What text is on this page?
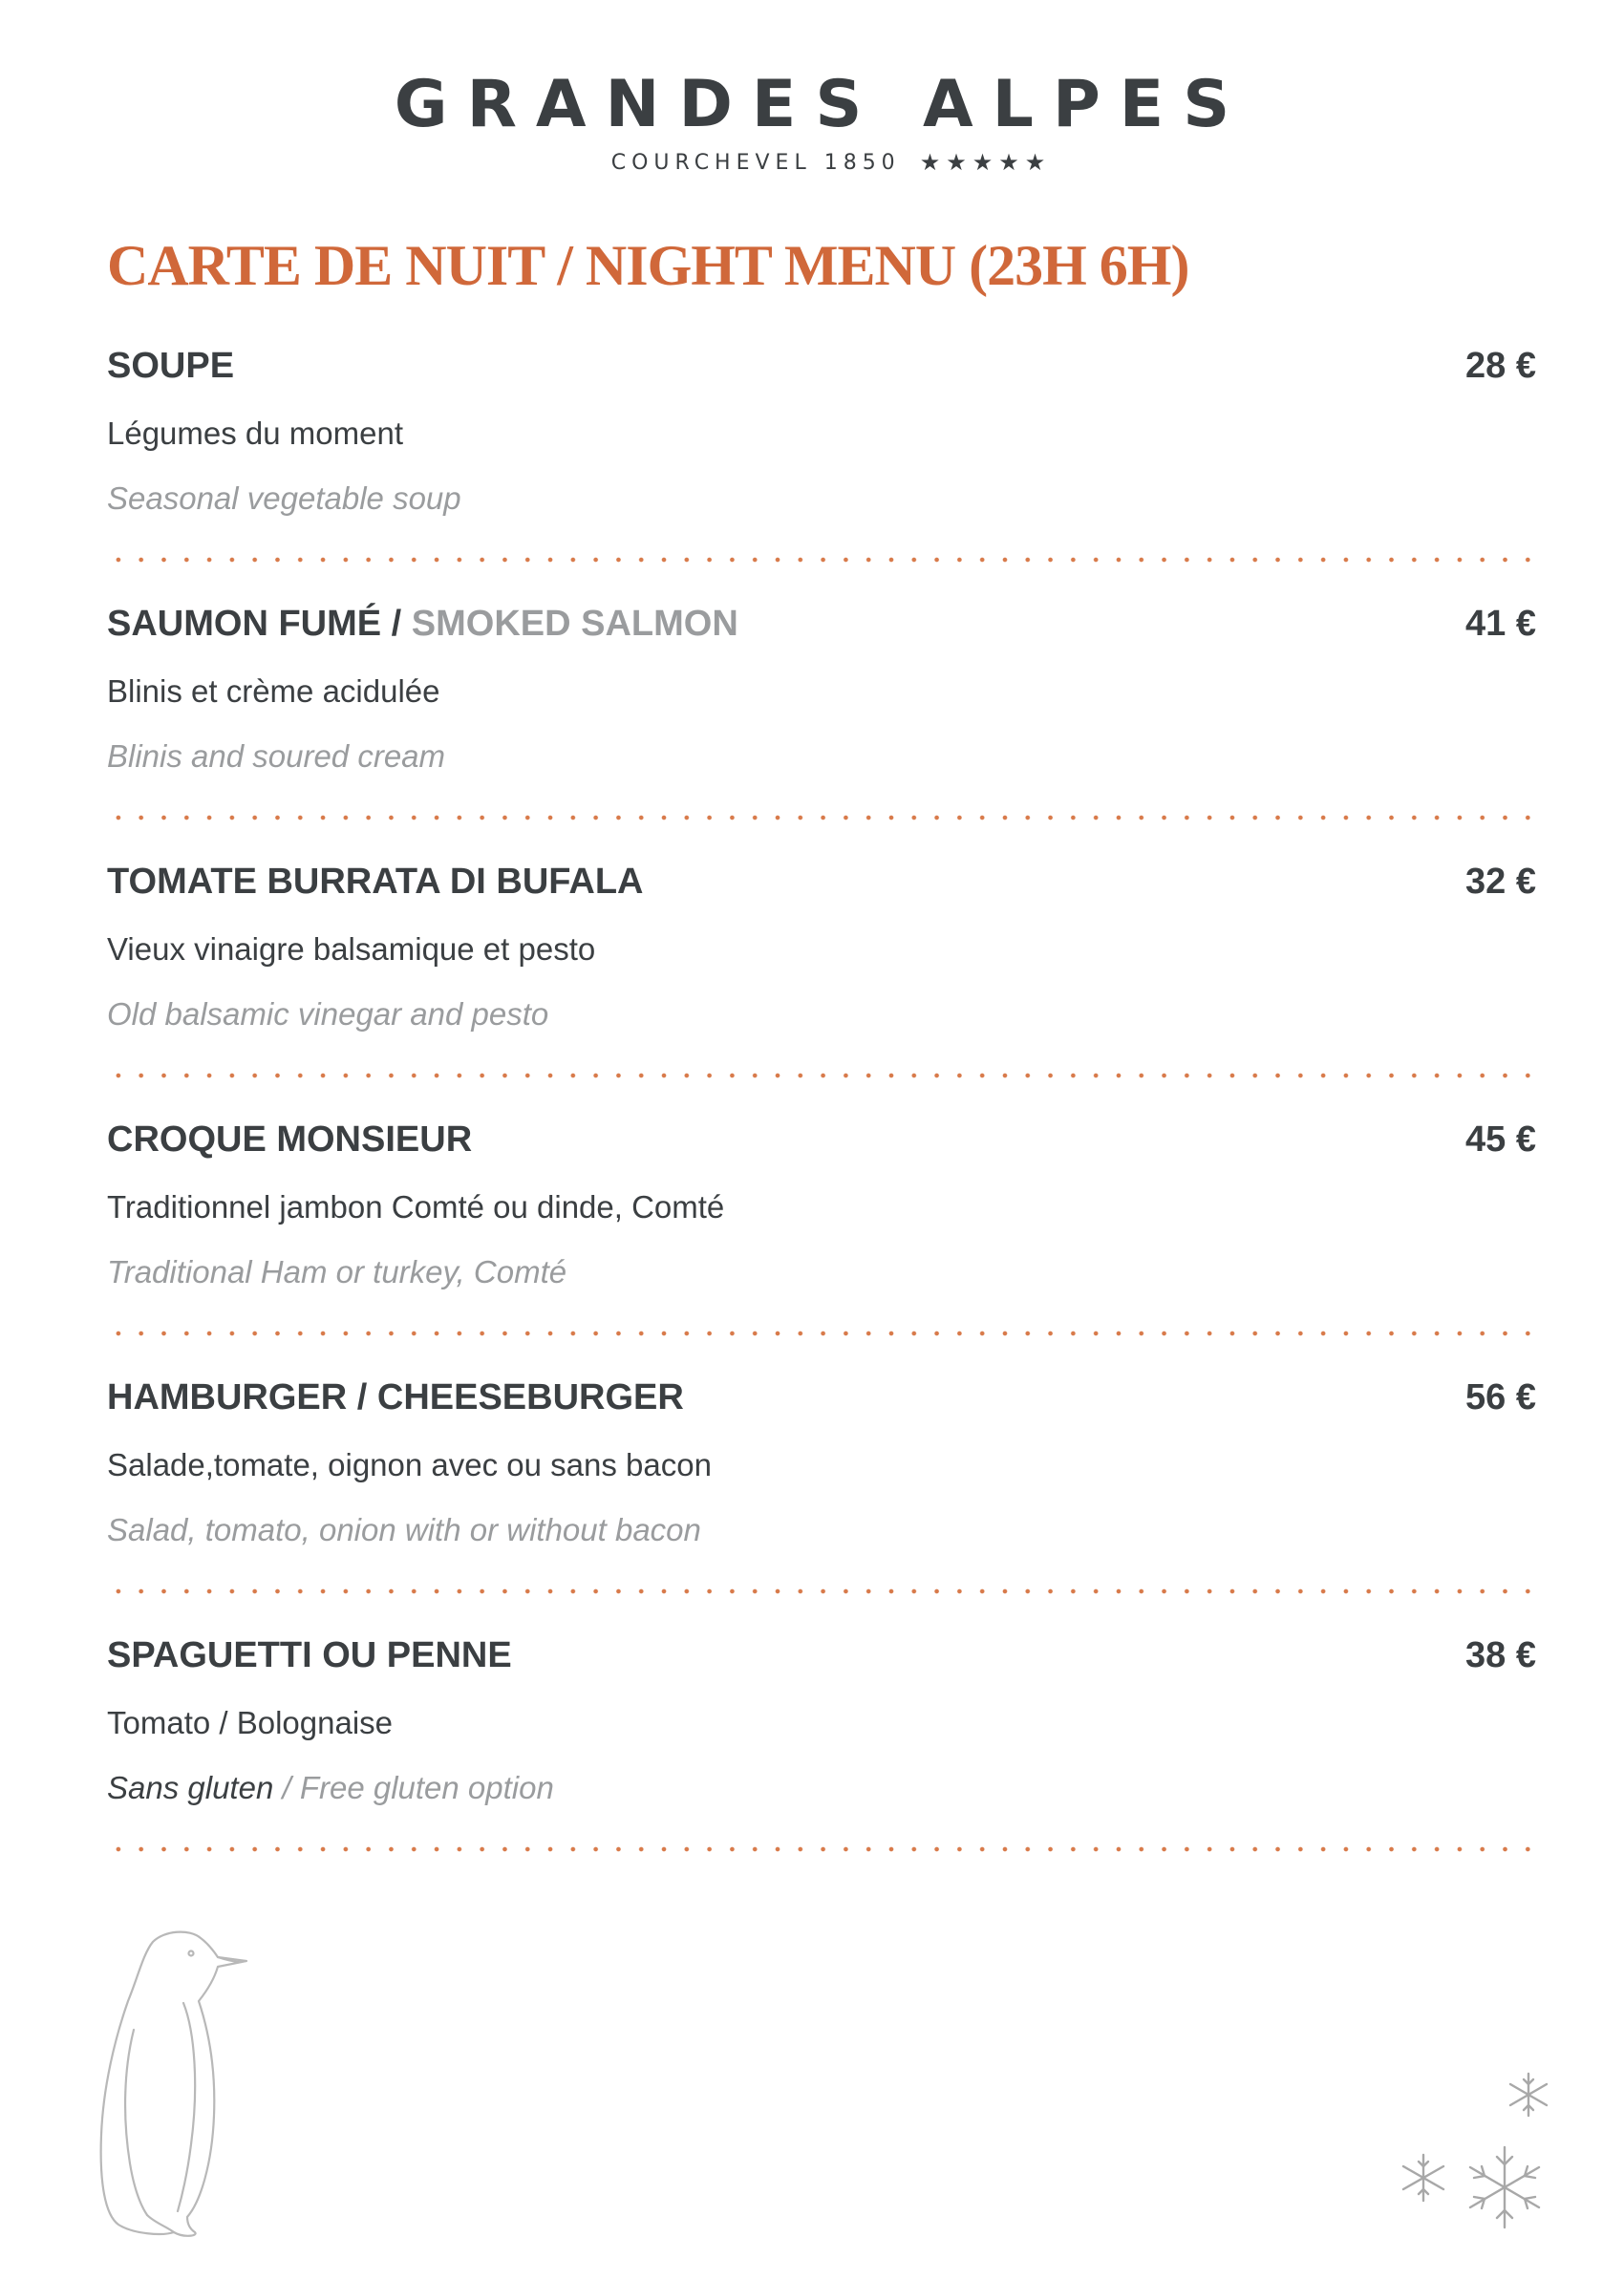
GRANDES ALPES
COURCHEVEL 1850 ★★★★★
CARTE DE NUIT / NIGHT MENU (23H 6H)
SOUPE	28 €
Légumes du moment
Seasonal vegetable soup
SAUMON FUMÉ / SMOKED SALMON	41 €
Blinis et crème acidulée
Blinis and soured cream
TOMATE BURRATA DI BUFALA	32 €
Vieux vinaigre balsamique et pesto
Old balsamic vinegar and pesto
CROQUE MONSIEUR	45 €
Traditionnel jambon Comté ou dinde, Comté
Traditional Ham or turkey, Comté
HAMBURGER / CHEESEBURGER	56 €
Salade,tomate, oignon avec ou sans bacon
Salad, tomato, onion with or without bacon
SPAGUETTI OU PENNE	38 €
Tomato / Bolognaise
Sans gluten / Free gluten option
